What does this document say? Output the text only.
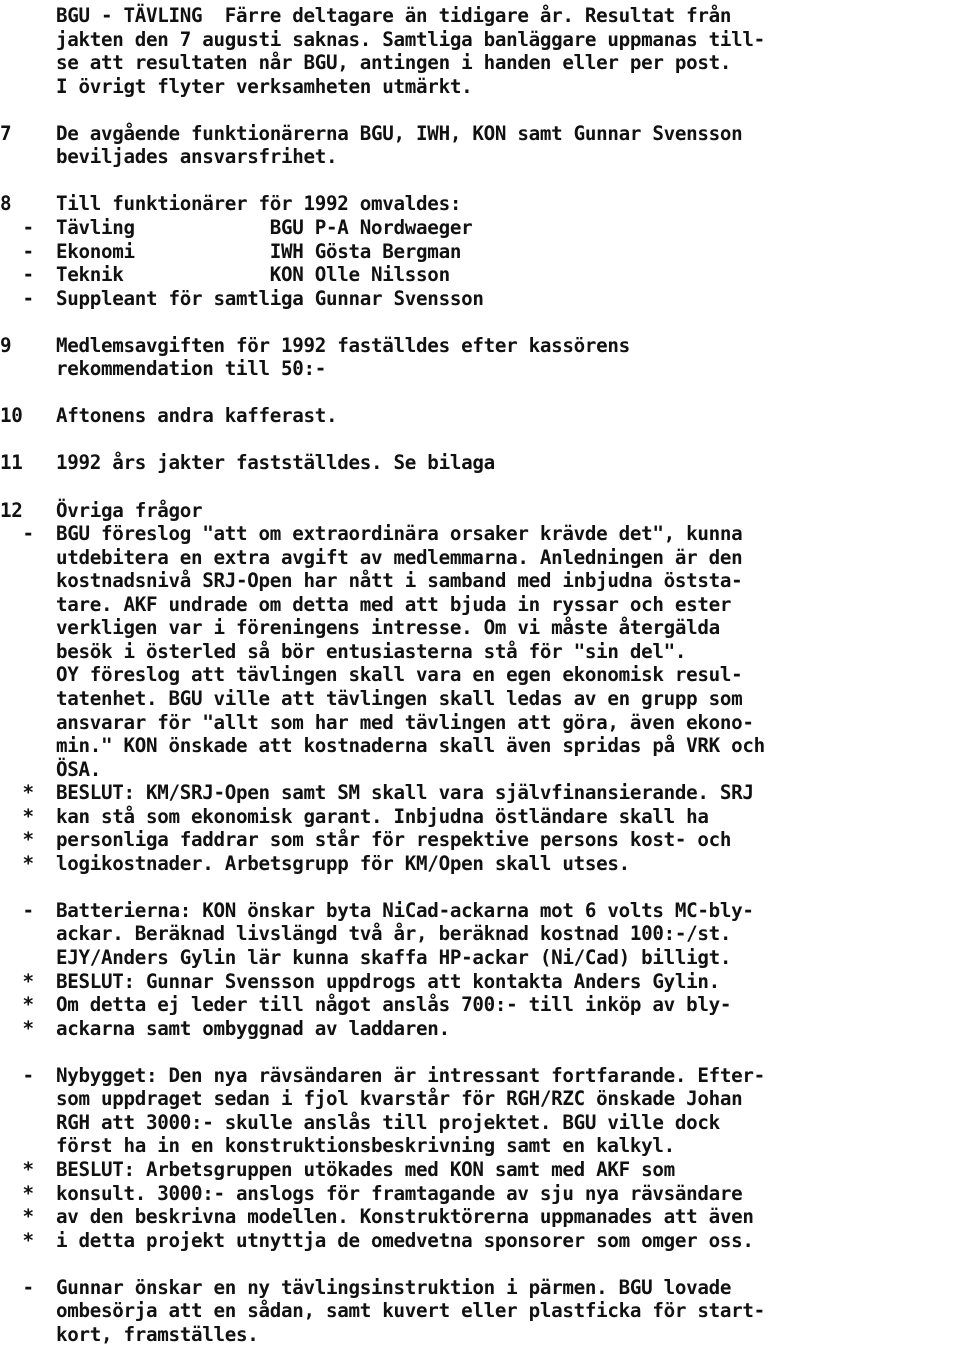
BGU - TÄVLING  Färre deltagare än tidigare år. Resultat från
jakten den 7 augusti saknas. Samtliga banläggare uppmanas till-
se att resultaten når BGU, antingen i handen eller per post.
I övrigt flyter verksamheten utmärkt.
7	De avgående funktionärerna BGU, IWH, KON samt Gunnar Svensson
beviljades ansvarsfrihet.
8	Till funktionärer för 1992 omvaldes:
-	Tävling            BGU P-A Nordwaeger
-	Ekonomi            IWH Gösta Bergman
-	Teknik             KON Olle Nilsson
-	Suppleant för samtliga Gunnar Svensson
9	Medlemsavgiften för 1992 faställdes efter kassörens
rekommendation till 50:-
10	Aftonens andra kafferast.
11	1992 års jakter fastställdes. Se bilaga
12	Övriga frågor
-	BGU föreslog "att om extraordinära orsaker krävde det", kunna
utdebitera en extra avgift av medlemmarna. Anledningen är den
kostnadsnivå SRJ-Open har nått i samband med inbjudna öststa-
tare. AKF undrade om detta med att bjuda in ryssar och ester
verkligen var i föreningens intresse. Om vi måste återgälda
besök i österled så bör entusiasterna stå för "sin del".
OY föreslog att tävlingen skall vara en egen ekonomisk resul-
tatenhet. BGU ville att tävlingen skall ledas av en grupp som
ansvarar för "allt som har med tävlingen att göra, även ekono-
min." KON önskade att kostnaderna skall även spridas på VRK och
ÖSA.
*	BESLUT: KM/SRJ-Open samt SM skall vara självfinansierande. SRJ
*	kan stå som ekonomisk garant. Inbjudna östländare skall ha
*	personliga faddrar som står för respektive persons kost- och
*	logikostnader. Arbetsgrupp för KM/Open skall utses.
-	Batterierna: KON önskar byta NiCad-ackarna mot 6 volts MC-bly-
ackar. Beräknad livslängd två år, beräknad kostnad 100:-/st.
EJY/Anders Gylin lär kunna skaffa HP-ackar (Ni/Cad) billigt.
*	BESLUT: Gunnar Svensson uppdrogs att kontakta Anders Gylin.
*	Om detta ej leder till något anslås 700:- till inköp av bly-
*	ackarna samt ombyggnad av laddaren.
-	Nybygget: Den nya rävsändaren är intressant fortfarande. Efter-
som uppdraget sedan i fjol kvarstår för RGH/RZC önskade Johan
RGH att 3000:- skulle anslås till projektet. BGU ville dock
först ha in en konstruktionsbeskrivning samt en kalkyl.
*	BESLUT: Arbetsgruppen utökades med KON samt med AKF som
*	konsult. 3000:- anslogs för framtagande av sju nya rävsändare
*	av den beskrivna modellen. Konstruktörerna uppmanades att även
*	i detta projekt utnyttja de omedvetna sponsorer som omger oss.
-	Gunnar önskar en ny tävlingsinstruktion i pärmen. BGU lovade
ombesörja att en sådan, samt kuvert eller plastficka för start-
kort, framställes.
